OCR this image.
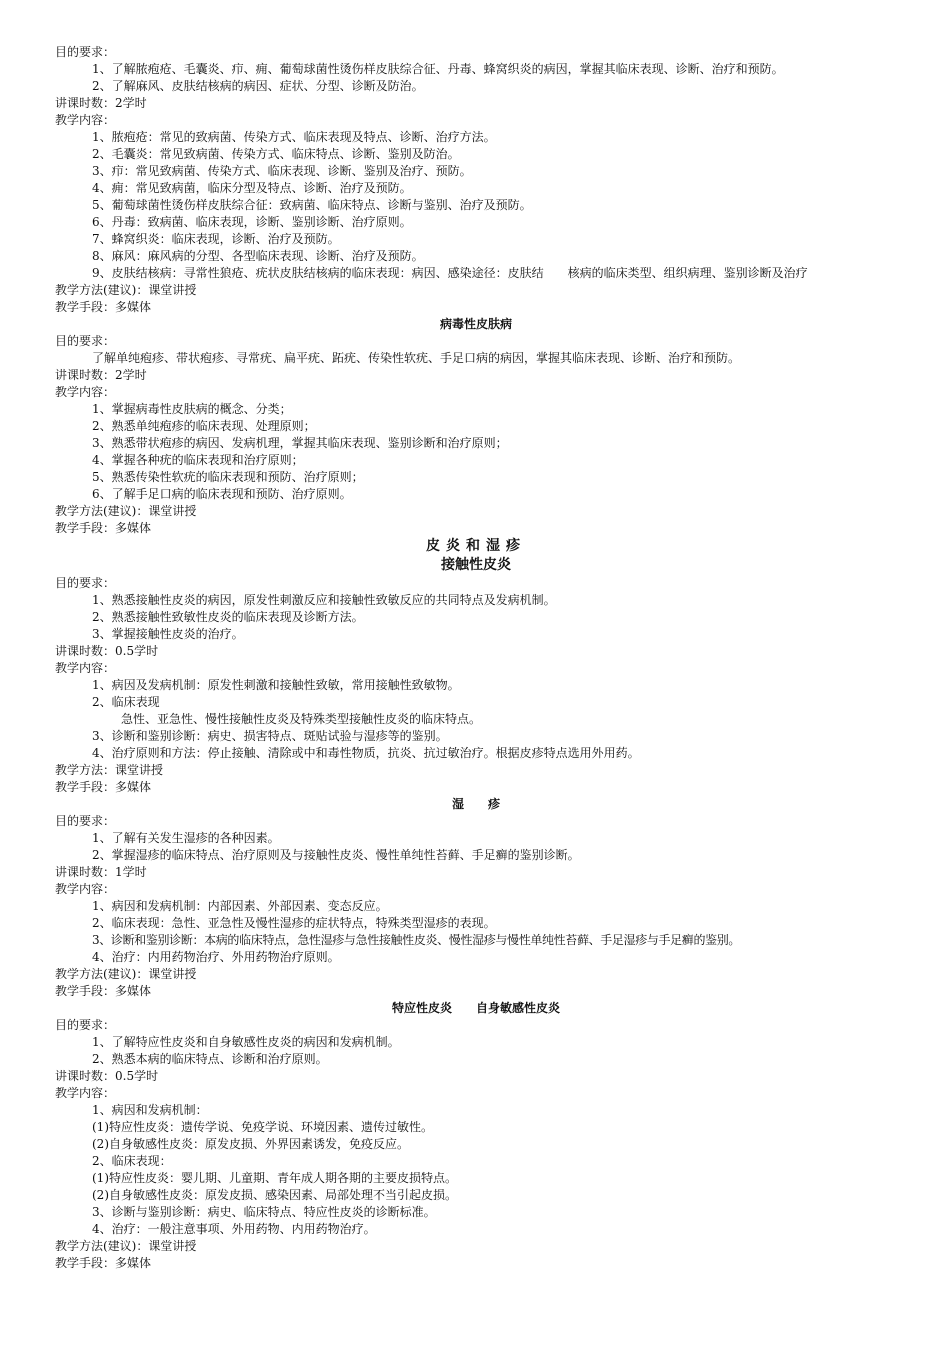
目的要求：

1、了解脓疱疮、毛囊炎、疖、痈、葡萄球菌性烫伤样皮肤综合征、丹毒、蜂窝织炎的病因，掌握其临床表现、诊断、治疗和预防。

2、了解麻风、皮肤结核病的病因、症状、分型、诊断及防治。

讲课时数：2学时

教学内容：

1、脓疱疮：常见的致病菌、传染方式、临床表现及特点、诊断、治疗方法。

2、毛囊炎：常见致病菌、传染方式、临床特点、诊断、鉴别及防治。

3、疖：常见致病菌、传染方式、临床表现、诊断、鉴别及治疗、预防。

4、痈：常见致病菌，临床分型及特点、诊断、治疗及预防。

5、葡萄球菌性烫伤样皮肤综合征：致病菌、临床特点、诊断与鉴别、治疗及预防。

6、丹毒：致病菌、临床表现，诊断、鉴别诊断、治疗原则。

7、蜂窝织炎：临床表现，诊断、治疗及预防。

8、麻风：麻风病的分型、各型临床表现、诊断、治疗及预防。

9、皮肤结核病：寻常性狼疮、疣状皮肤结核病的临床表现：病因、感染途径：皮肤结　　核病的临床类型、组织病理、鉴别诊断及治疗

教学方法(建议)：课堂讲授

教学手段：多媒体

病毒性皮肤病

目的要求：

了解单纯疱疹、带状疱疹、寻常疣、扁平疣、跖疣、传染性软疣、手足口病的病因，掌握其临床表现、诊断、治疗和预防。

讲课时数：2学时

教学内容：

1、掌握病毒性皮肤病的概念、分类；

2、熟悉单纯疱疹的临床表现、处理原则；

3、熟悉带状疱疹的病因、发病机理，掌握其临床表现、鉴别诊断和治疗原则；

4、掌握各种疣的临床表现和治疗原则；

5、熟悉传染性软疣的临床表现和预防、治疗原则；

6、了解手足口病的临床表现和预防、治疗原则。

教学方法(建议)：课堂讲授

教学手段：多媒体

皮炎和湿疹

接触性皮炎

目的要求：

1、熟悉接触性皮炎的病因，原发性刺激反应和接触性致敏反应的共同特点及发病机制。

2、熟悉接触性致敏性皮炎的临床表现及诊断方法。

3、掌握接触性皮炎的治疗。

讲课时数：0.5学时

教学内容：

1、病因及发病机制：原发性刺激和接触性致敏，常用接触性致敏物。

2、临床表现

急性、亚急性、慢性接触性皮炎及特殊类型接触性皮炎的临床特点。

3、诊断和鉴别诊断：病史、损害特点、斑贴试验与湿疹等的鉴别。

4、治疗原则和方法：停止接触、清除或中和毒性物质，抗炎、抗过敏治疗。根据皮疹特点选用外用药。

教学方法：课堂讲授

教学手段：多媒体

湿　　疹

目的要求：

1、了解有关发生湿疹的各种因素。

2、掌握湿疹的临床特点、治疗原则及与接触性皮炎、慢性单纯性苔藓、手足癣的鉴别诊断。

讲课时数：1学时

教学内容：

1、病因和发病机制：内部因素、外部因素、变态反应。

2、临床表现：急性、亚急性及慢性湿疹的症状特点，特殊类型湿疹的表现。

3、诊断和鉴别诊断：本病的临床特点，急性湿疹与急性接触性皮炎、慢性湿疹与慢性单纯性苔藓、手足湿疹与手足癣的鉴别。

4、治疗：内用药物治疗、外用药物治疗原则。

教学方法(建议)：课堂讲授

教学手段：多媒体

特应性皮炎　　自身敏感性皮炎

目的要求：

1、了解特应性皮炎和自身敏感性皮炎的病因和发病机制。

2、熟悉本病的临床特点、诊断和治疗原则。

讲课时数：0.5学时

教学内容：

1、病因和发病机制：

(1)特应性皮炎：遗传学说、免疫学说、环境因素、遗传过敏性。

(2)自身敏感性皮炎：原发皮损、外界因素诱发，免疫反应。

2、临床表现：

(1)特应性皮炎：婴儿期、儿童期、青年成人期各期的主要皮损特点。

(2)自身敏感性皮炎：原发皮损、感染因素、局部处理不当引起皮损。

3、诊断与鉴别诊断：病史、临床特点、特应性皮炎的诊断标准。

4、治疗：一般注意事项、外用药物、内用药物治疗。

教学方法(建议)：课堂讲授

教学手段：多媒体
